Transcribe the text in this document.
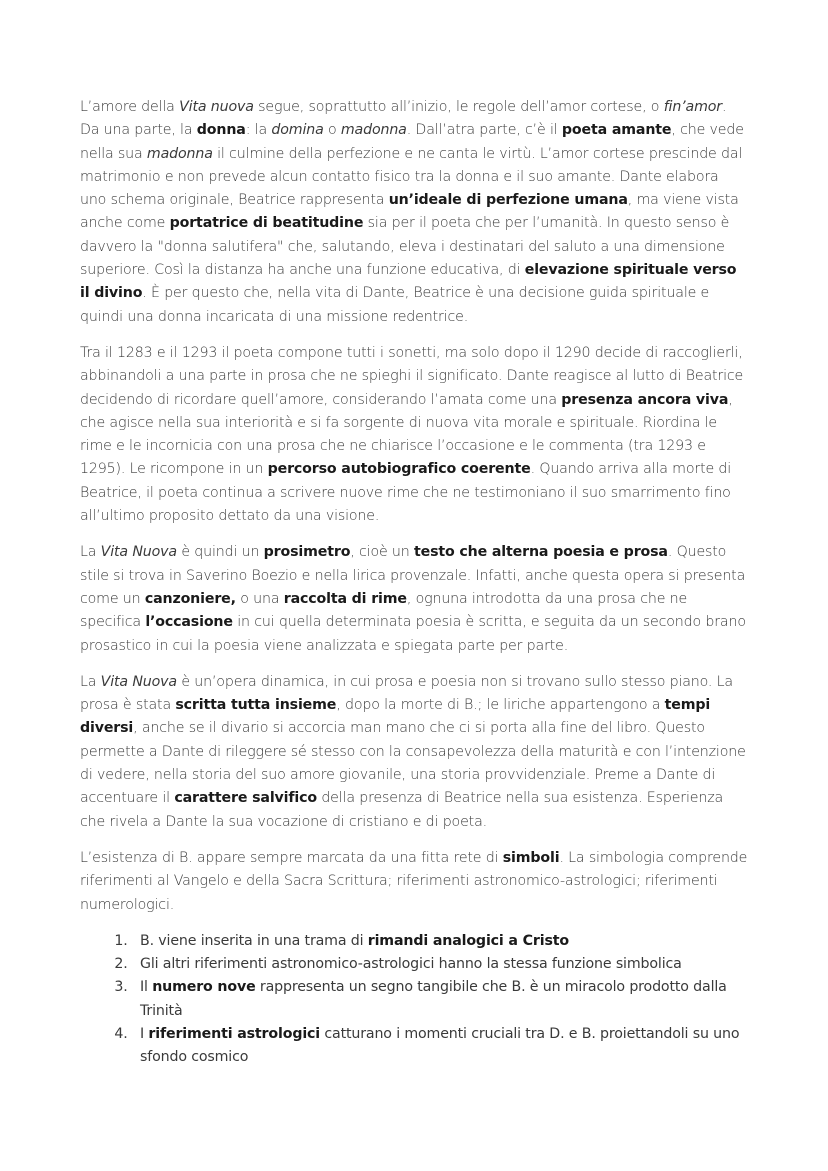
L’amore della Vita nuova segue, soprattutto all’inizio, le regole dell’amor cortese, o fin’amor. Da una parte, la donna: la domina o madonna. Dall’atra parte, c’è il poeta amante, che vede nella sua madonna il culmine della perfezione e ne canta le virtù. L’amor cortese prescinde dal matrimonio e non prevede alcun contatto fisico tra la donna e il suo amante. Dante elabora uno schema originale, Beatrice rappresenta un’ideale di perfezione umana, ma viene vista anche come portatrice di beatitudine sia per il poeta che per l’umanità. In questo senso è davvero la "donna salutifera" che, salutando, eleva i destinatari del saluto a una dimensione superiore. Così la distanza ha anche una funzione educativa, di elevazione spirituale verso il divino. È per questo che, nella vita di Dante, Beatrice è una decisione guida spirituale e quindi una donna incaricata di una missione redentrice.

Tra il 1283 e il 1293 il poeta compone tutti i sonetti, ma solo dopo il 1290 decide di raccoglierli, abbinandoli a una parte in prosa che ne spieghi il significato. Dante reagisce al lutto di Beatrice decidendo di ricordare quell’amore, considerando l’amata come una presenza ancora viva, che agisce nella sua interiorità e si fa sorgente di nuova vita morale e spirituale. Riordina le rime e le incornicia con una prosa che ne chiarisce l’occasione e le commenta (tra 1293 e 1295). Le ricompone in un percorso autobiografico coerente. Quando arriva alla morte di Beatrice, il poeta continua a scrivere nuove rime che ne testimoniano il suo smarrimento fino all’ultimo proposito dettato da una visione.

La Vita Nuova è quindi un prosimetro, cioè un testo che alterna poesia e prosa. Questo stile si trova in Saverino Boezio e nella lirica provenzale. Infatti, anche questa opera si presenta come un canzoniere, o una raccolta di rime, ognuna introdotta da una prosa che ne specifica l’occasione in cui quella determinata poesia è scritta, e seguita da un secondo brano prosastico in cui la poesia viene analizzata e spiegata parte per parte.

La Vita Nuova è un’opera dinamica, in cui prosa e poesia non si trovano sullo stesso piano. La prosa è stata scritta tutta insieme, dopo la morte di B.; le liriche appartengono a tempi diversi, anche se il divario si accorcia man mano che ci si porta alla fine del libro. Questo permette a Dante di rileggere sé stesso con la consapevolezza della maturità e con l’intenzione di vedere, nella storia del suo amore giovanile, una storia provvidenziale. Preme a Dante di accentuare il carattere salvifico della presenza di Beatrice nella sua esistenza. Esperienza che rivela a Dante la sua vocazione di cristiano e di poeta.

L’esistenza di B. appare sempre marcata da una fitta rete di simboli. La simbologia comprende riferimenti al Vangelo e della Sacra Scrittura; riferimenti astronomico-astrologici; riferimenti numerologici.

1. B. viene inserita in una trama di rimandi analogici a Cristo
2. Gli altri riferimenti astronomico-astrologici hanno la stessa funzione simbolica
3. Il numero nove rappresenta un segno tangibile che B. è un miracolo prodotto dalla Trinità
4. I riferimenti astrologici catturano i momenti cruciali tra D. e B. proiettandoli su uno sfondo cosmico
